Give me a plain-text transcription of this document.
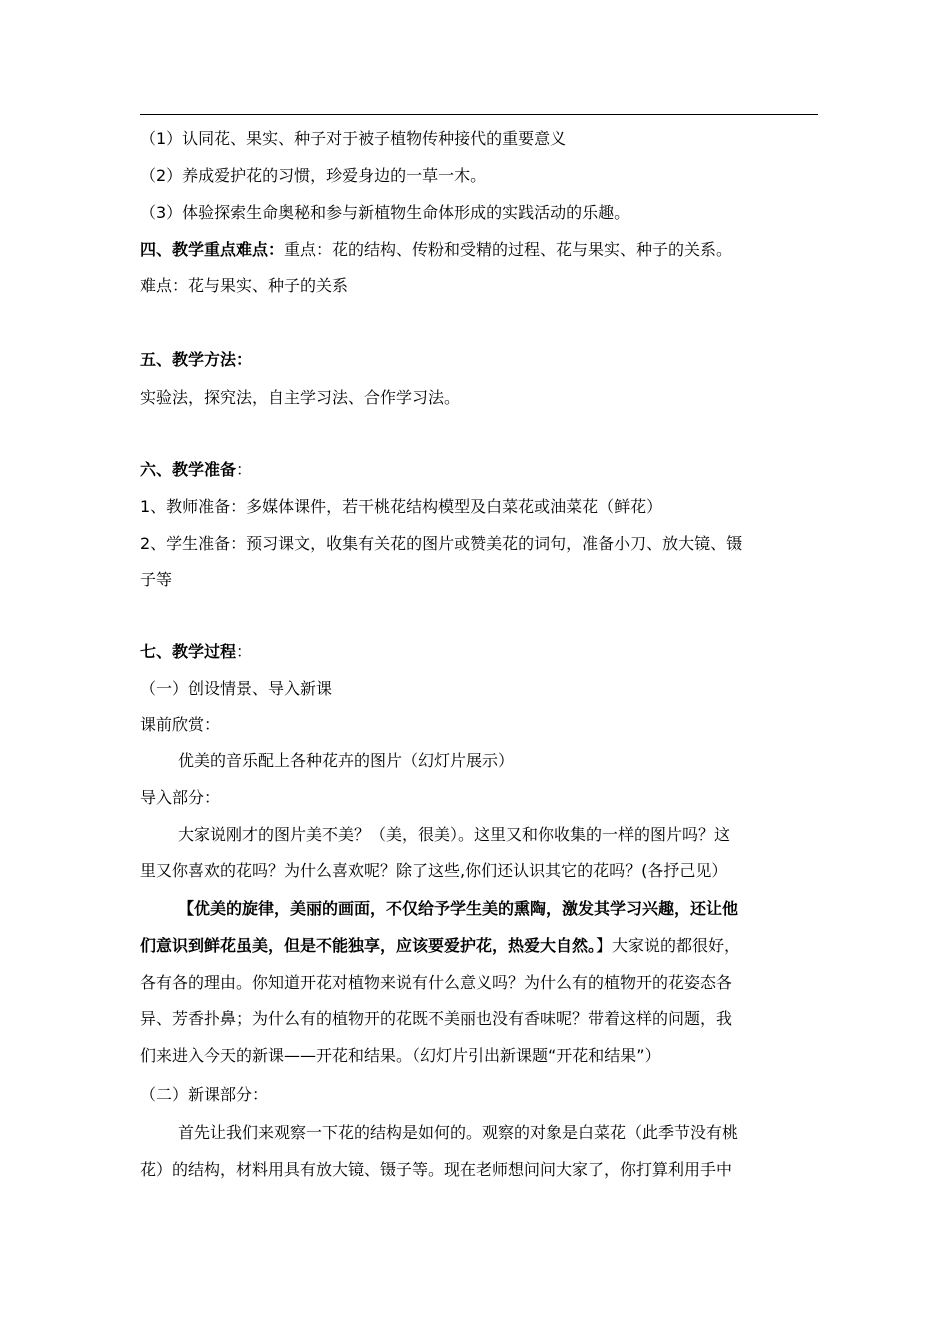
（1）认同花、果实、种子对于被子植物传种接代的重要意义
（2）养成爱护花的习惯，珍爱身边的一草一木。
（3）体验探索生命奥秘和参与新植物生命体形成的实践活动的乐趣。
四、教学重点难点：重点：花的结构、传粉和受精的过程、花与果实、种子的关系。
难点：花与果实、种子的关系
五、教学方法：
实验法，探究法，自主学习法、合作学习法。
六、教学准备：
1、教师准备：多媒体课件，若干桃花结构模型及白菜花或油菜花（鲜花）
2、学生准备：预习课文，收集有关花的图片或赞美花的词句，准备小刀、放大镜、镊
子等
七、教学过程：
（一）创设情景、导入新课
课前欣赏：
优美的音乐配上各种花卉的图片（幻灯片展示）
导入部分：
大家说刚才的图片美不美？（美，很美）。这里又和你收集的一样的图片吗？这
里又你喜欢的花吗？为什么喜欢呢？除了这些,你们还认识其它的花吗？(各抒己见）
【优美的旋律，美丽的画面，不仅给予学生美的熏陶，激发其学习兴趣，还让他
们意识到鲜花虽美，但是不能独享，应该要爱护花，热爱大自然。】大家说的都很好，
各有各的理由。你知道开花对植物来说有什么意义吗？为什么有的植物开的花姿态各
异、芳香扑鼻；为什么有的植物开的花既不美丽也没有香味呢？带着这样的问题，我
们来进入今天的新课——开花和结果。（幻灯片引出新课题“开花和结果”）
（二）新课部分：
首先让我们来观察一下花的结构是如何的。观察的对象是白菜花（此季节没有桃
花）的结构，材料用具有放大镜、镊子等。现在老师想问问大家了，你打算利用手中
